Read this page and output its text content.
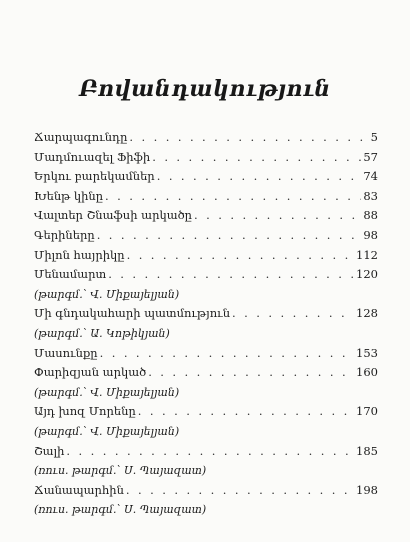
Բովանդակություն
Ճարպագունդը . . .	5
Մադմուազել Ֆիֆի . . .	57
Երկու բարեկամներ . . .	74
Խենթ կինը . . .	83
Վալտեր Շնաֆսի արկածը . . .	88
Գերիները . . .	98
Միլոն հայրիկը . . .	112
Մենամարտ . . .	120
(թարգմ.՝ Վ. Միքայելյան)
Մի գնդակահարի պատմություն . . .	128
(թարգմ.՝ Ա. Կոթիկյան)
Մասունքը . . .	153
Փարիզյան արկած . . .	160
(թարգմ.՝ Վ. Միքայելյան)
Այդ խոզ Մորենը . . .	170
(թարգմ.՝ Վ. Միքայելյան)
Շալի . . .	185
(ռուս. թարգմ.՝ Ս. Պայազատ)
Ճանապարհին . . .	198
(ռուս. թարգմ.՝ Ս. Պայազատ)
